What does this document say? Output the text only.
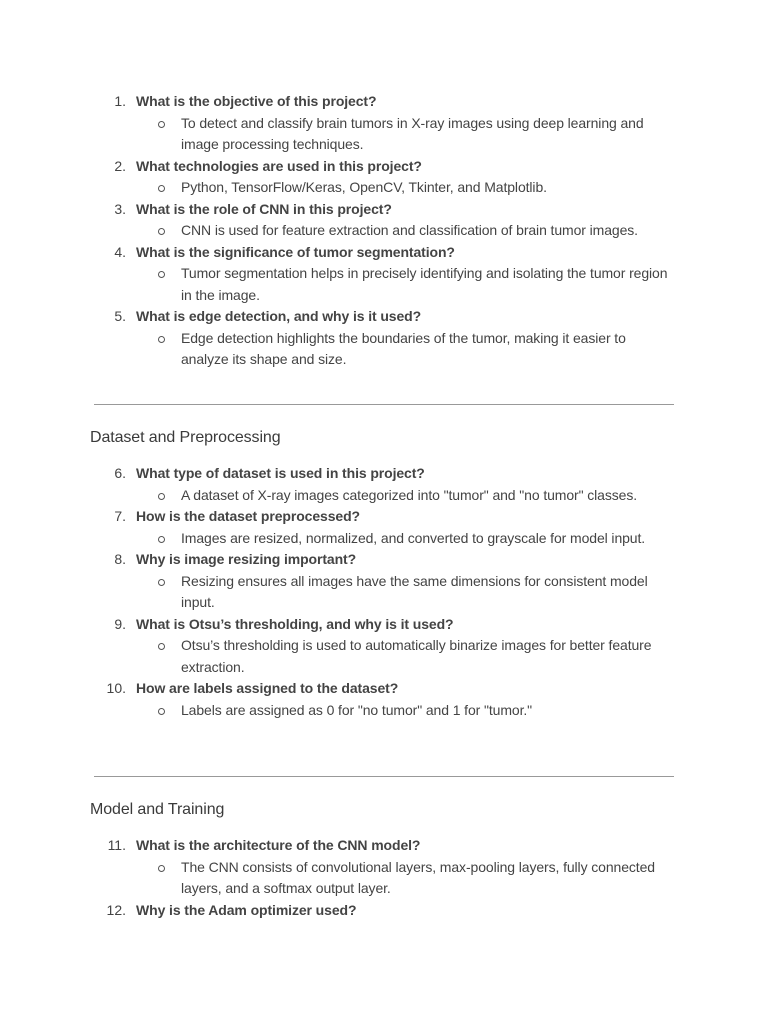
1. What is the objective of this project?
To detect and classify brain tumors in X-ray images using deep learning and image processing techniques.
2. What technologies are used in this project?
Python, TensorFlow/Keras, OpenCV, Tkinter, and Matplotlib.
3. What is the role of CNN in this project?
CNN is used for feature extraction and classification of brain tumor images.
4. What is the significance of tumor segmentation?
Tumor segmentation helps in precisely identifying and isolating the tumor region in the image.
5. What is edge detection, and why is it used?
Edge detection highlights the boundaries of the tumor, making it easier to analyze its shape and size.
Dataset and Preprocessing
6. What type of dataset is used in this project?
A dataset of X-ray images categorized into "tumor" and "no tumor" classes.
7. How is the dataset preprocessed?
Images are resized, normalized, and converted to grayscale for model input.
8. Why is image resizing important?
Resizing ensures all images have the same dimensions for consistent model input.
9. What is Otsu’s thresholding, and why is it used?
Otsu’s thresholding is used to automatically binarize images for better feature extraction.
10. How are labels assigned to the dataset?
Labels are assigned as 0 for "no tumor" and 1 for "tumor."
Model and Training
11. What is the architecture of the CNN model?
The CNN consists of convolutional layers, max-pooling layers, fully connected layers, and a softmax output layer.
12. Why is the Adam optimizer used?
